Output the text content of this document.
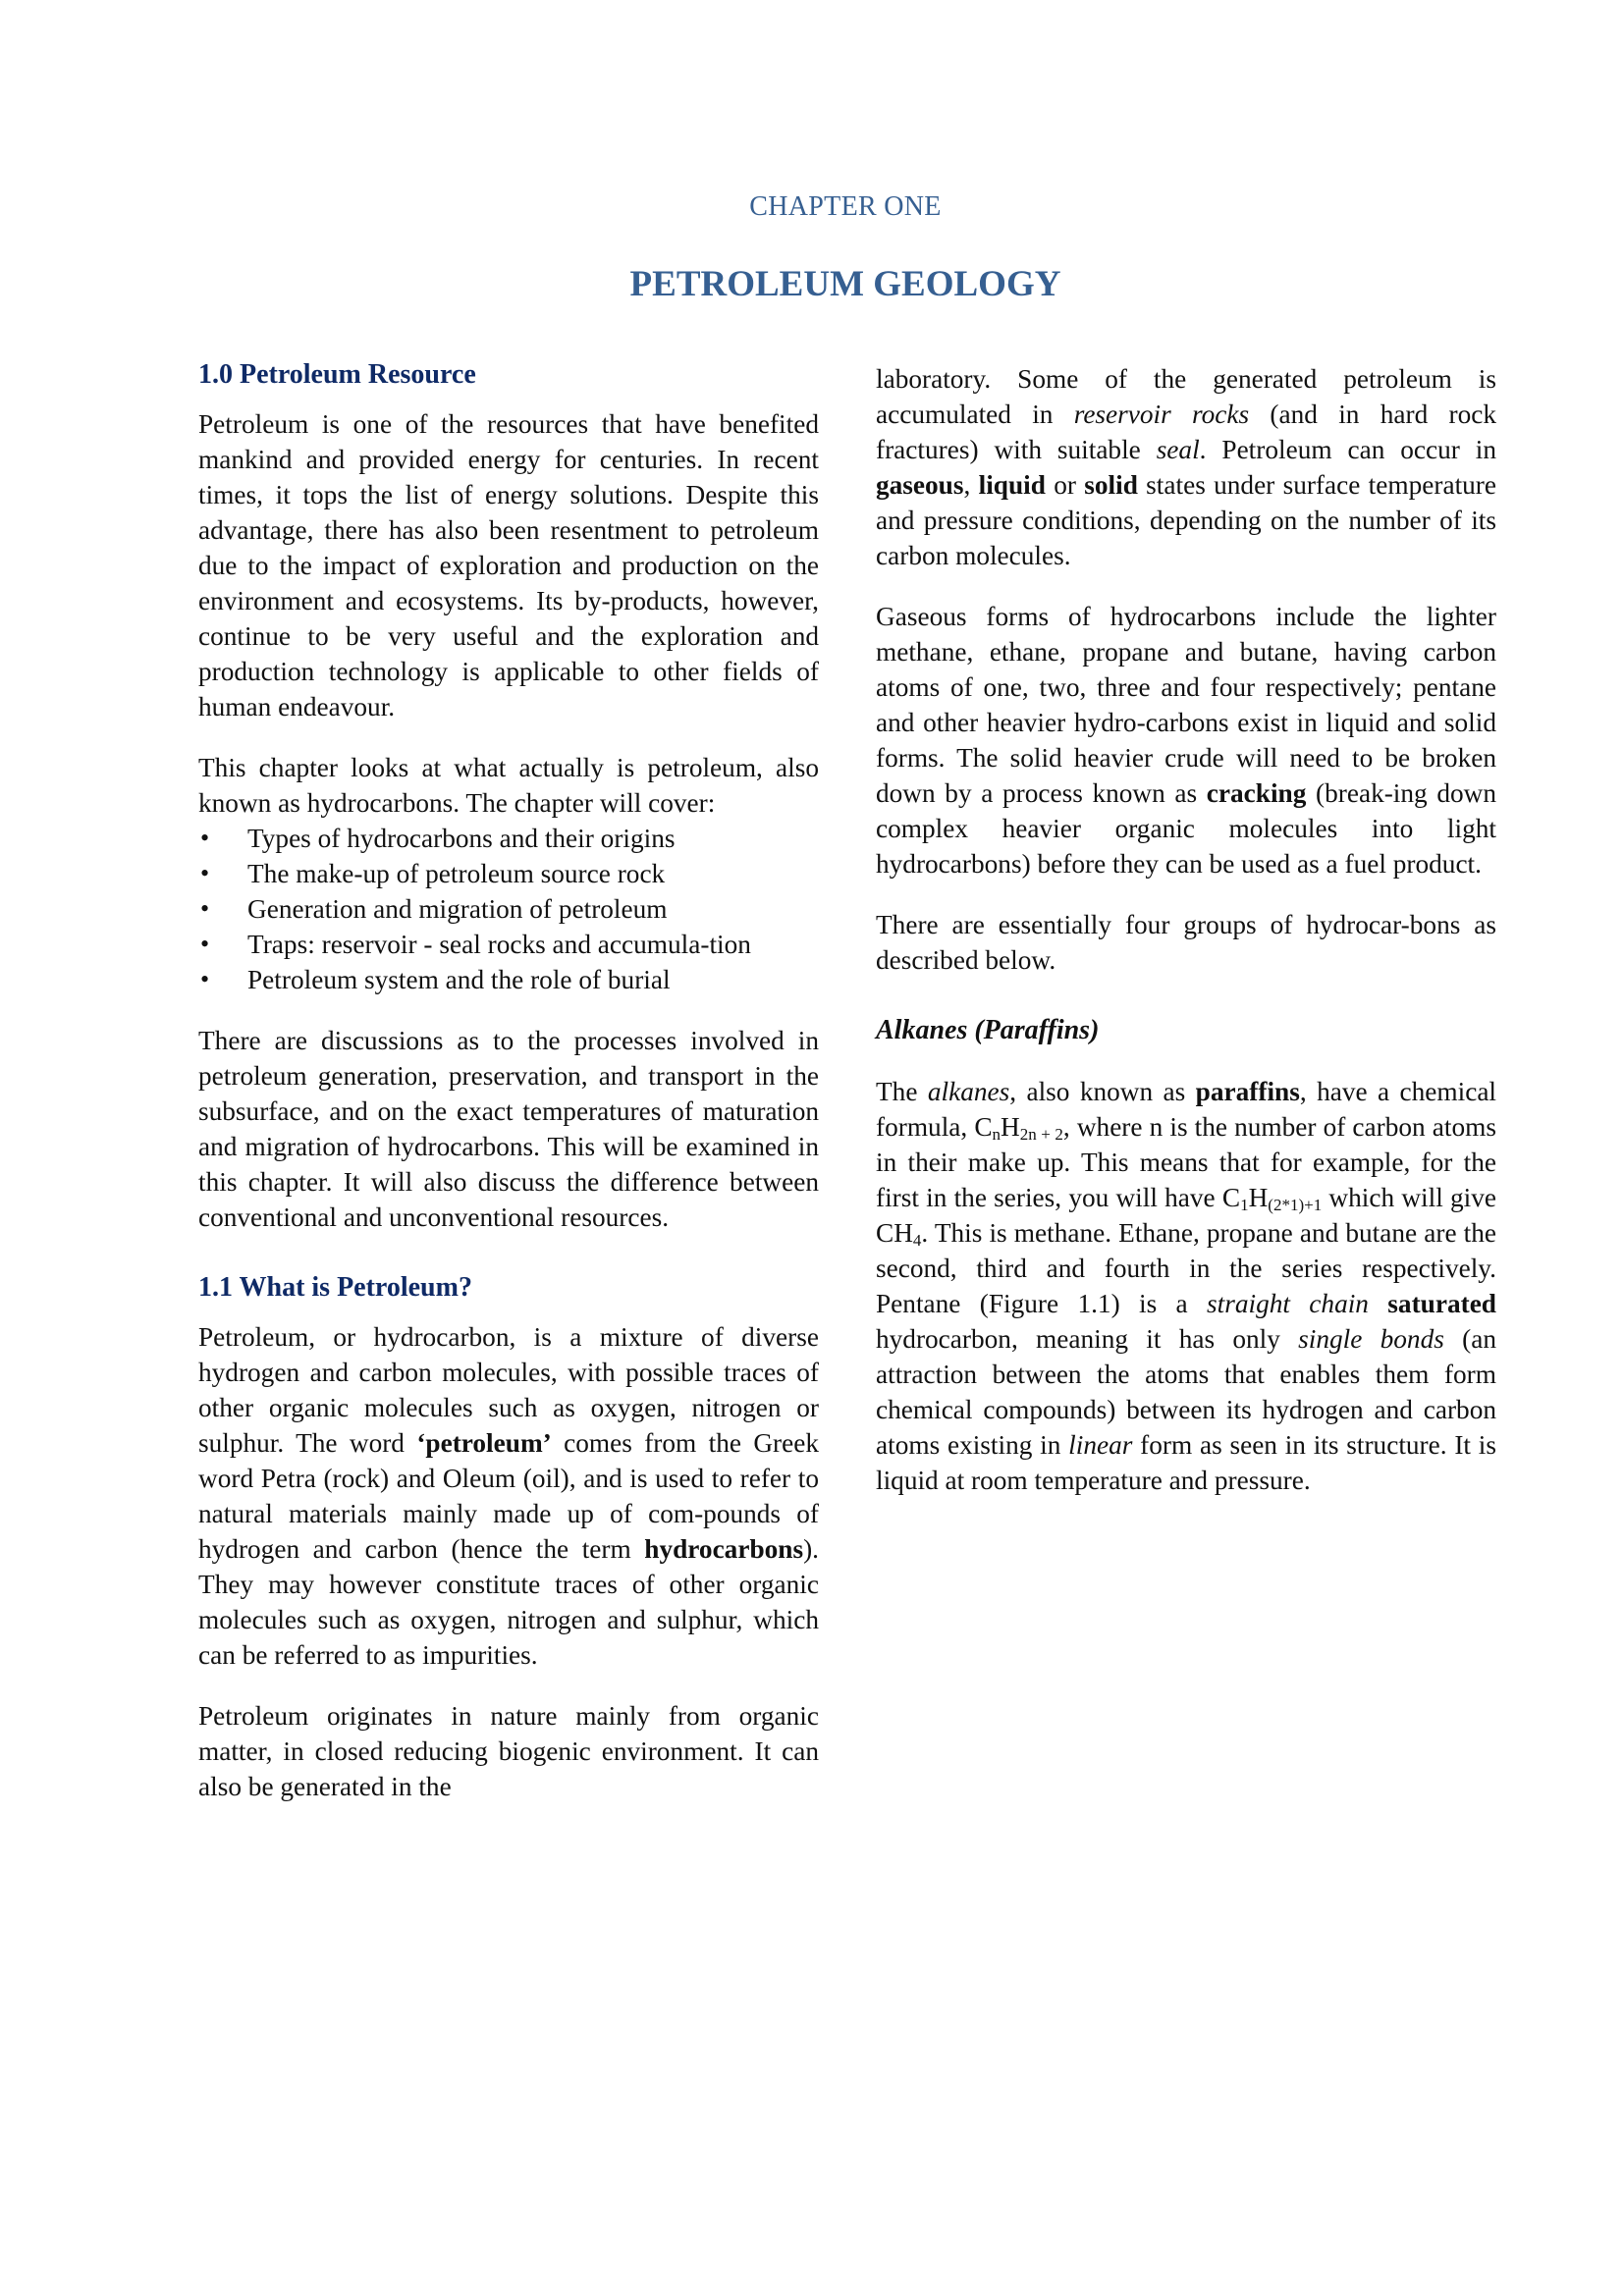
CHAPTER ONE
PETROLEUM GEOLOGY
1.0 Petroleum Resource

Petroleum is one of the resources that have benefited mankind and provided energy for centuries. In recent times, it tops the list of energy solutions. Despite this advantage, there has also been resentment to petroleum due to the impact of exploration and production on the environment and ecosystems. Its by-products, however, continue to be very useful and the exploration and production technology is applicable to other fields of human endeavour.

This chapter looks at what actually is petroleum, also known as hydrocarbons. The chapter will cover:

• Types of hydrocarbons and their origins
• The make-up of petroleum source rock
• Generation and migration of petroleum
• Traps: reservoir - seal rocks and accumula-tion
• Petroleum system and the role of burial

There are discussions as to the processes involved in petroleum generation, preservation, and transport in the subsurface, and on the exact temperatures of maturation and migration of hydrocarbons. This will be examined in this chapter. It will also discuss the difference between conventional and unconventional resources.

1.1 What is Petroleum?

Petroleum, or hydrocarbon, is a mixture of diverse hydrogen and carbon molecules, with possible traces of other organic molecules such as oxygen, nitrogen or sulphur. The word ‘petroleum’ comes from the Greek word Petra (rock) and Oleum (oil), and is used to refer to natural materials mainly made up of com-pounds of hydrogen and carbon (hence the term hydrocarbons). They may however constitute traces of other organic molecules such as oxygen, nitrogen and sulphur, which can be referred to as impurities.

Petroleum originates in nature mainly from organic matter, in closed reducing biogenic environment. It can also be generated in the

laboratory. Some of the generated petroleum is accumulated in reservoir rocks (and in hard rock fractures) with suitable seal. Petroleum can occur in gaseous, liquid or solid states under surface temperature and pressure conditions, depending on the number of its carbon molecules.

Gaseous forms of hydrocarbons include the lighter methane, ethane, propane and butane, having carbon atoms of one, two, three and four respectively; pentane and other heavier hydro-carbons exist in liquid and solid forms. The solid heavier crude will need to be broken down by a process known as cracking (break-ing down complex heavier organic molecules into light hydrocarbons) before they can be used as a fuel product.

There are essentially four groups of hydrocar-bons as described below.

Alkanes (Paraffins)

The alkanes, also known as paraffins, have a chemical formula, $C_nH_{2n + 2}$, where n is the number of carbon atoms in their make up. This means that for example, for the first in the series, you will have $C_1H_{(2*1)+1}$ which will give $CH_4$. This is methane. Ethane, propane and butane are the second, third and fourth in the series respectively. Pentane (Figure 1.1) is a straight chain saturated hydrocarbon, meaning it has only single bonds (an attraction between the atoms that enables them form chemical compounds) between its hydrogen and carbon atoms existing in linear form as seen in its structure. It is liquid at room temperature and pressure.
